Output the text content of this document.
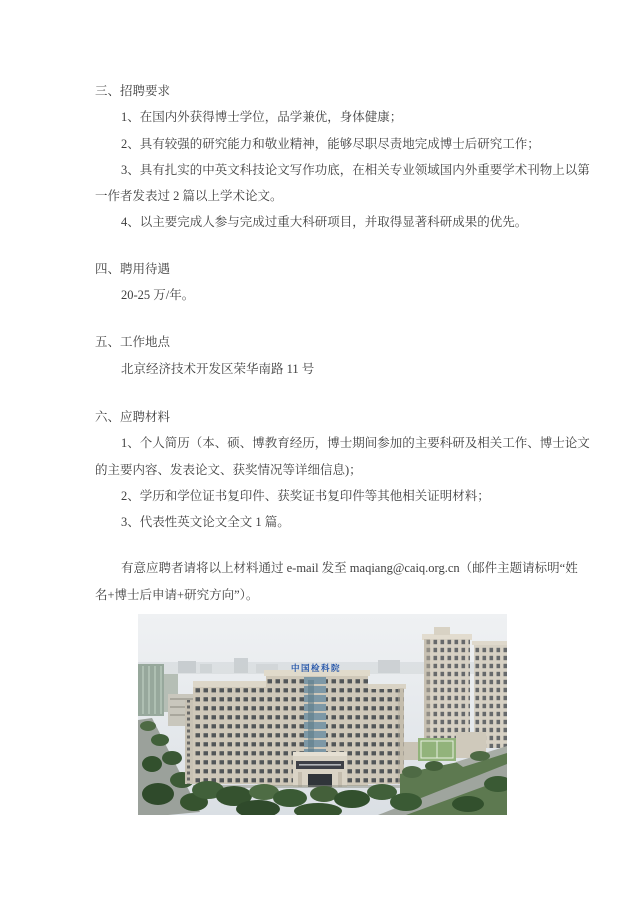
三、招聘要求
1、在国内外获得博士学位，品学兼优，身体健康；
2、具有较强的研究能力和敬业精神，能够尽职尽责地完成博士后研究工作；
3、具有扎实的中英文科技论文写作功底，在相关专业领域国内外重要学术刊物上以第
一作者发表过 2 篇以上学术论文。
4、以主要完成人参与完成过重大科研项目，并取得显著科研成果的优先。
四、聘用待遇
20-25 万/年。
五、工作地点
北京经济技术开发区荣华南路 11 号
六、应聘材料
1、个人简历（本、硕、博教育经历，博士期间参加的主要科研及相关工作、博士论文
的主要内容、发表论文、获奖情况等详细信息)；
2、学历和学位证书复印件、获奖证书复印件等其他相关证明材料；
3、代表性英文论文全文 1 篇。
有意应聘者请将以上材料通过 e-mail 发至 maqiang@caiq.org.cn（邮件主题请标明“姓
名+博士后申请+研究方向”）。
中国检科院
